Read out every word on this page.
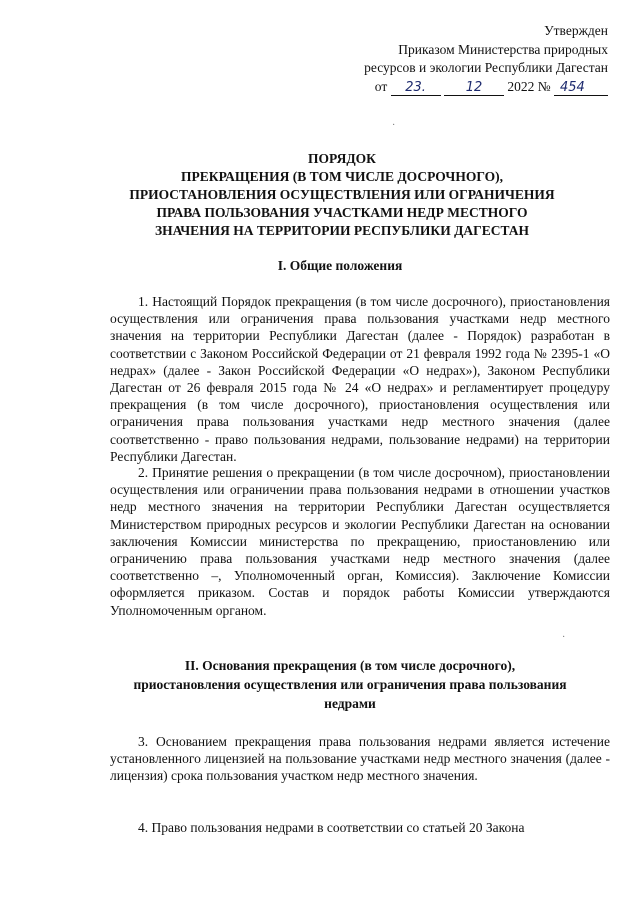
Утвержден
Приказом Министерства природных
ресурсов и экологии Республики Дагестан
от 23.	12 2022 № 454
ПОРЯДОК
ПРЕКРАЩЕНИЯ (В ТОМ ЧИСЛЕ ДОСРОЧНОГО),
ПРИОСТАНОВЛЕНИЯ ОСУЩЕСТВЛЕНИЯ ИЛИ ОГРАНИЧЕНИЯ
ПРАВА ПОЛЬЗОВАНИЯ УЧАСТКАМИ НЕДР МЕСТНОГО
ЗНАЧЕНИЯ НА ТЕРРИТОРИИ РЕСПУБЛИКИ ДАГЕСТАН
I. Общие положения

1. Настоящий Порядок прекращения (в том числе досрочного), приостановления осуществления или ограничения права пользования участками недр местного значения на территории Республики Дагестан (далее - Порядок) разработан в соответствии с Законом Российской Федерации от 21 февраля 1992 года № 2395-1 «О недрах» (далее - Закон Российской Федерации «О недрах»), Законом Республики Дагестан от 26 февраля 2015 года № 24 «О недрах» и регламентирует процедуру прекращения (в том числе досрочного), приостановления осуществления или ограничения права пользования участками недр местного значения (далее соответственно - право пользования недрами, пользование недрами) на территории Республики Дагестан.

2. Принятие решения о прекращении (в том числе досрочном), приостановлении осуществления или ограничении права пользования недрами в отношении участков недр местного значения на территории Республики Дагестан осуществляется Министерством природных ресурсов и экологии Республики Дагестан на основании заключения Комиссии министерства по прекращению, приостановлению или ограничению права пользования участками недр местного значения (далее соответственно –, Уполномоченный орган, Комиссия). Заключение Комиссии оформляется приказом. Состав и порядок работы Комиссии утверждаются Уполномоченным органом.

II. Основания прекращения (в том числе досрочного),
приостановления осуществления или ограничения права пользования
недрами

3. Основанием прекращения права пользования недрами является истечение установленного лицензией на пользование участками недр местного значения (далее - лицензия) срока пользования участком недр местного значения.

4. Право пользования недрами в соответствии со статьей 20 Закона

·
·
